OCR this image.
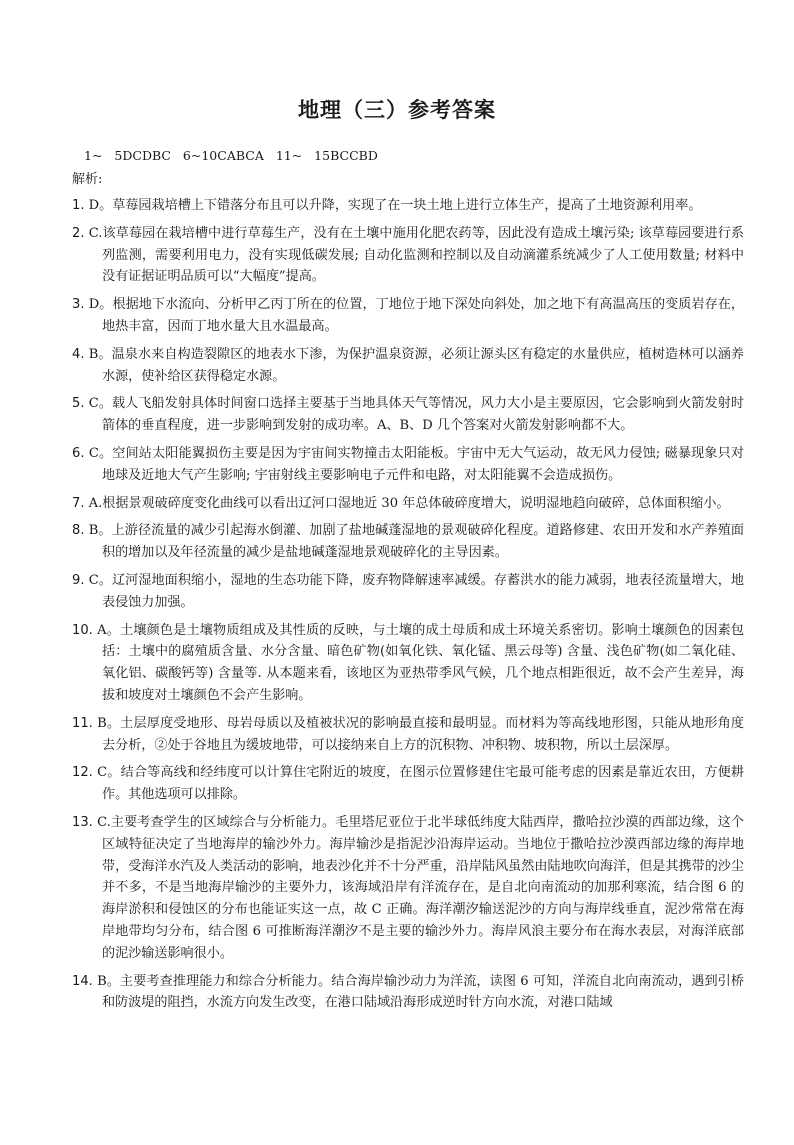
地理（三）参考答案
1~ 5DCDBC 6~10CABCA 11~ 15BCCBD
解析:
1. D。草莓园栽培槽上下错落分布且可以升降，实现了在一块土地上进行立体生产，提高了土地资源利用率。
2. C.该草莓园在栽培槽中进行草莓生产，没有在土壤中施用化肥农药等，因此没有造成土壤污染; 该草莓园要进行系列监测，需要利用电力，没有实现低碳发展; 自动化监测和控制以及自动滴灌系统减少了人工使用数量; 材料中没有证据证明品质可以“大幅度”提高。
3. D。根据地下水流向、分析甲乙丙丁所在的位置，丁地位于地下深处向斜处，加之地下有高温高压的变质岩存在，地热丰富，因而丁地水量大且水温最高。
4. B。温泉水来自构造裂隙区的地表水下渗，为保护温泉资源，必须让源头区有稳定的水量供应，植树造林可以涵养水源，使补给区获得稳定水源。
5. C。载人飞船发射具体时间窗口选择主要基于当地具体天气等情况，风力大小是主要原因，它会影响到火箭发射时箭体的垂直程度，进一步影响到发射的成功率。A、B、D 几个答案对火箭发射影响都不大。
6. C。空间站太阳能翼损伤主要是因为宇宙间实物撞击太阳能板。宇宙中无大气运动，故无风力侵蚀; 磁暴现象只对地球及近地大气产生影响; 宇宙射线主要影响电子元件和电路，对太阳能翼不会造成损伤。
7. A.根据景观破碎度变化曲线可以看出辽河口湿地近 30 年总体破碎度增大，说明湿地趋向破碎，总体面积缩小。
8. B。上游径流量的减少引起海水倒灌、加剧了盐地碱蓬湿地的景观破碎化程度。道路修建、农田开发和水产养殖面积的增加以及年径流量的减少是盐地碱蓬湿地景观破碎化的主导因素。
9. C。辽河湿地面积缩小，湿地的生态功能下降，废弃物降解速率减缓。存蓄洪水的能力减弱，地表径流量增大，地表侵蚀力加强。
10. A。土壤颜色是土壤物质组成及其性质的反映，与土壤的成土母质和成土环境关系密切。影响土壤颜色的因素包括：土壤中的腐殖质含量、水分含量、暗色矿物(如氧化铁、氧化锰、黑云母等) 含量、浅色矿物(如二氧化硅、氧化铝、碳酸钙等) 含量等. 从本题来看，该地区为亚热带季风气候，几个地点相距很近，故不会产生差异，海拔和坡度对土壤颜色不会产生影响。
11. B。土层厚度受地形、母岩母质以及植被状况的影响最直接和最明显。而材料为等高线地形图，只能从地形角度去分析，②处于谷地且为缓坡地带，可以接纳来自上方的沉积物、冲积物、坡积物，所以土层深厚。
12. C。结合等高线和经纬度可以计算住宅附近的坡度，在图示位置修建住宅最可能考虑的因素是靠近农田，方便耕作。其他选项可以排除。
13. C.主要考查学生的区域综合与分析能力。毛里塔尼亚位于北半球低纬度大陆西岸，撒哈拉沙漠的西部边缘，这个区域特征决定了当地海岸的输沙外力。海岸输沙是指泥沙沿海岸运动。当地位于撒哈拉沙漠西部边缘的海岸地带，受海洋水汽及人类活动的影响，地表沙化并不十分严重，沿岸陆风虽然由陆地吹向海洋，但是其携带的沙尘并不多，不是当地海岸输沙的主要外力，该海域沿岸有洋流存在，是自北向南流动的加那利寒流，结合图 6 的海岸淤积和侵蚀区的分布也能证实这一点，故 C 正确。海洋潮汐输送泥沙的方向与海岸线垂直，泥沙常常在海岸地带均匀分布，结合图 6 可推断海洋潮汐不是主要的输沙外力。海岸风浪主要分布在海水表层，对海洋底部的泥沙输送影响很小。
14. B。主要考查推理能力和综合分析能力。结合海岸输沙动力为洋流，读图 6 可知，洋流自北向南流动，遇到引桥和防波堤的阻挡，水流方向发生改变，在港口陆域沿海形成逆时针方向水流，对港口陆域
